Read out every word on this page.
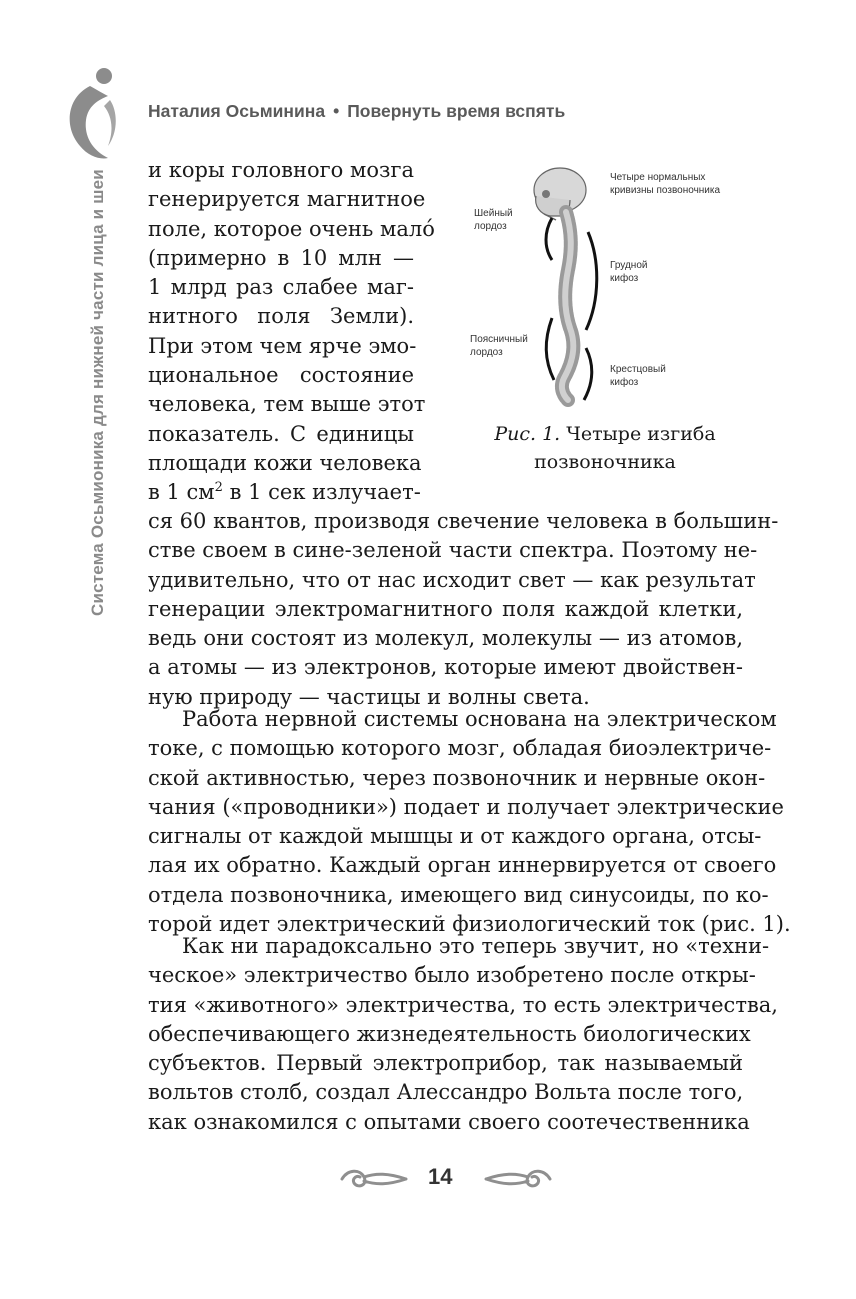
Система Осьмионика для нижней части лица и шеи
Наталия Осьминина • Повернуть время вспять
и коры головного мозга
генерируется магнитное
поле, которое очень мало́
(примерно в 10 млн —
1 млрд раз слабее маг-
нитного поля Земли).
При этом чем ярче эмо-
циональное состояние
человека, тем выше этот
показатель. С единицы
площади кожи человека
в 1 $см^2$ в 1 сек излучает-
Четыре нормальных
кривизны позвоночника
Шейный
лордоз
Грудной
кифоз
Поясничный
лордоз
Крестцовый
кифоз
Рис. 1. Четыре изгиба
позвоночника
ся 60 квантов, производя свечение человека в большин-
стве своем в сине-зеленой части спектра. Поэтому не-
удивительно, что от нас исходит свет — как результат
генерации электромагнитного поля каждой клетки,
ведь они состоят из молекул, молекулы — из атомов,
а атомы — из электронов, которые имеют двойствен-
ную природу — частицы и волны света.
Работа нервной системы основана на электрическом
токе, с помощью которого мозг, обладая биоэлектриче-
ской активностью, через позвоночник и нервные окон-
чания («проводники») подает и получает электрические
сигналы от каждой мышцы и от каждого органа, отсы-
лая их обратно. Каждый орган иннервируется от своего
отдела позвоночника, имеющего вид синусоиды, по ко-
торой идет электрический физиологический ток (рис. 1).
Как ни парадоксально это теперь звучит, но «техни-
ческое» электричество было изобретено после откры-
тия «животного» электричества, то есть электричества,
обеспечивающего жизнедеятельность биологических
субъектов. Первый электроприбор, так называемый
вольтов столб, создал Алессандро Вольта после того,
как ознакомился с опытами своего соотечественника
14
